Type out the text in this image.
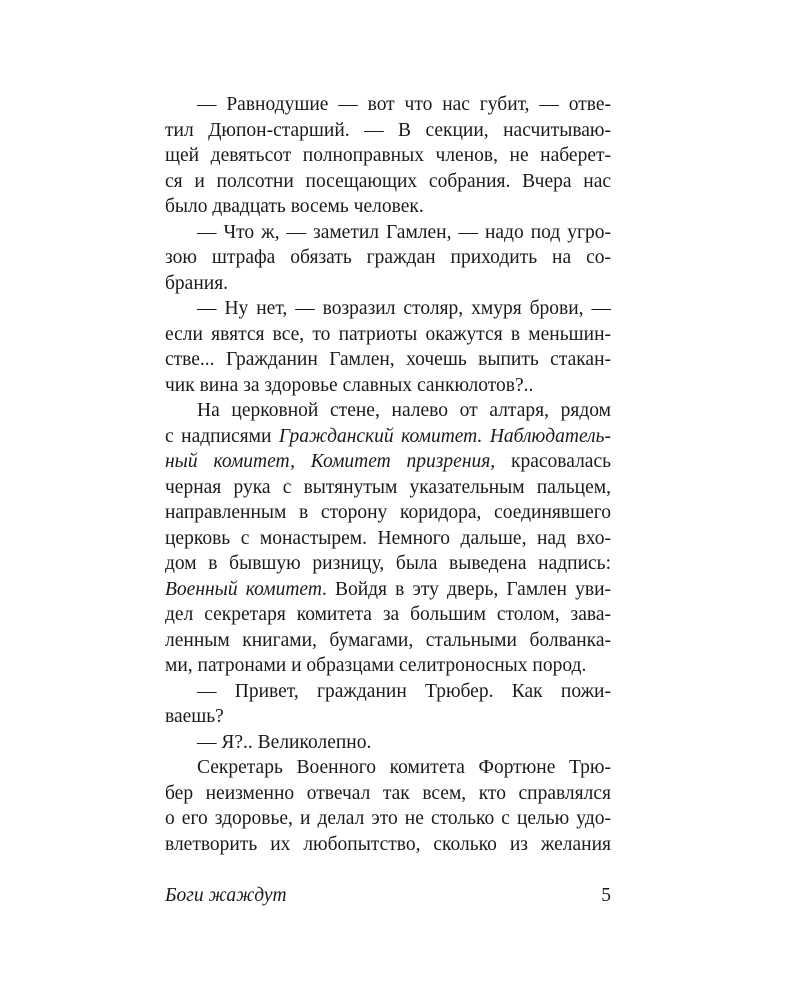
— Равнодушие — вот что нас губит, — отве-
тил Дюпон-старший. — В секции, насчитываю-
щей девятьсот полноправных членов, не наберет-
ся и полсотни посещающих собрания. Вчера нас
было двадцать восемь человек.
— Что ж, — заметил Гамлен, — надо под угро-
зою штрафа обязать граждан приходить на со-
брания.
— Ну нет, — возразил столяр, хмуря брови, —
если явятся все, то патриоты окажутся в меньшин-
стве... Гражданин Гамлен, хочешь выпить стакан-
чик вина за здоровье славных санкюлотов?..
На церковной стене, налево от алтаря, рядом
с надписями Гражданский комитет. Наблюдатель-
ный комитет, Комитет призрения, красовалась
черная рука с вытянутым указательным пальцем,
направленным в сторону коридора, соединявшего
церковь с монастырем. Немного дальше, над вхо-
дом в бывшую ризницу, была выведена надпись:
Военный комитет. Войдя в эту дверь, Гамлен уви-
дел секретаря комитета за большим столом, зава-
ленным книгами, бумагами, стальными болванка-
ми, патронами и образцами селитроносных пород.
— Привет, гражданин Трюбер. Как пожи-
ваешь?
— Я?.. Великолепно.
Секретарь Военного комитета Фортюне Трю-
бер неизменно отвечал так всем, кто справлялся
о его здоровье, и делал это не столько с целью удо-
влетворить их любопытство, сколько из желания
Боги жаждут	5
